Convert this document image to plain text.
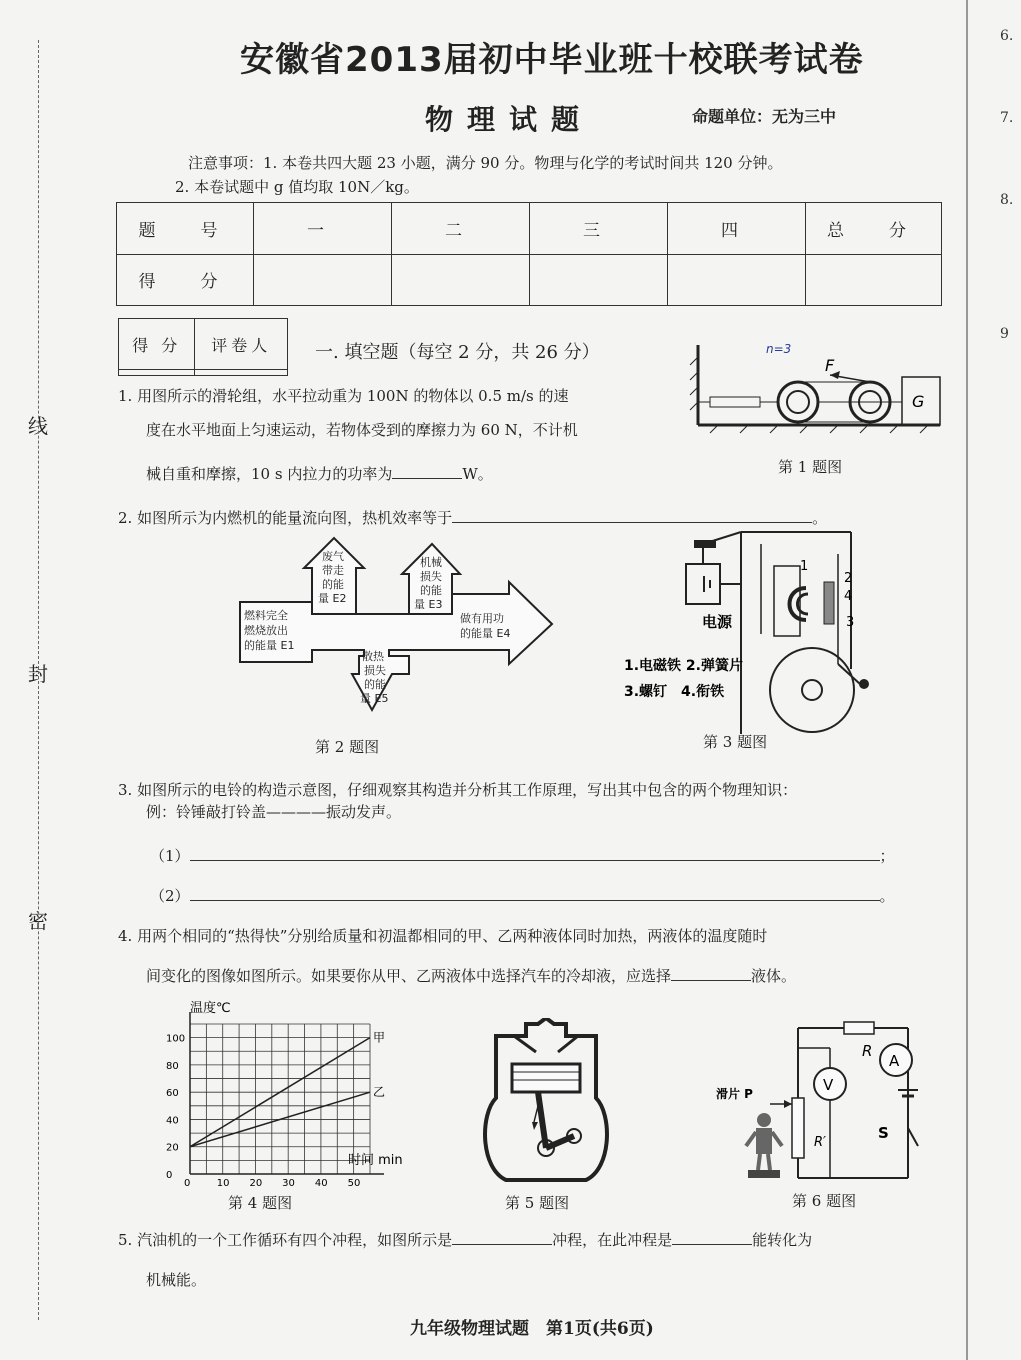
安徽省2013届初中毕业班十校联考试卷
物理试题	命题单位：无为三中
注意事项：1. 本卷共四大题 23 小题，满分 90 分。物理与化学的考试时间共 120 分钟。
2. 本卷试题中 g 值均取 10N／kg。
题　号	一	二	三	四	总　分
得　分					
得 分	评卷人
	一. 填空题（每空 2 分，共 26 分）
1. 用图所示的滑轮组，水平拉动重为 100N 的物体以 0.5 m/s 的速
度在水平地面上匀速运动，若物体受到的摩擦力为 60 N，不计机
械自重和摩擦，10 s 内拉力的功率为	W。
n=3
F
G
第 1 题图
2. 如图所示为内燃机的能量流向图，热机效率等于	。
燃料完全
燃烧放出
的能量 E1
废气
带走
的能
量 E2
机械
损失
的能
量 E3
做有用功
的能量 E4
散热
损失
的能
量 E5
第 2 题图
电源
1
2
4
3
1.电磁铁 2.弹簧片
3.螺钉　4.衔铁
第 3 题图
3. 如图所示的电铃的构造示意图，仔细观察其构造并分析其工作原理，写出其中包含的两个物理知识：
例：铃锤敲打铃盖————振动发声。
（1）	；
（2）	。
4. 用两个相同的“热得快”分别给质量和初温都相同的甲、乙两种液体同时加热，两液体的温度随时
间变化的图像如图所示。如果要你从甲、乙两液体中选择汽车的冷却液，应选择	液体。
0	10 20 30 40 50
0
20
40
60
80
100	甲
乙
温度℃
时间 min
第 4 题图	第 5 题图
V
A
R
S
R′
滑片 P
第 6 题图
5. 汽油机的一个工作循环有四个冲程，如图所示是	冲程，在此冲程是	能转化为
机械能。
线
封
密
6.
7.
8.
9
九年级物理试题　第1页(共6页)
